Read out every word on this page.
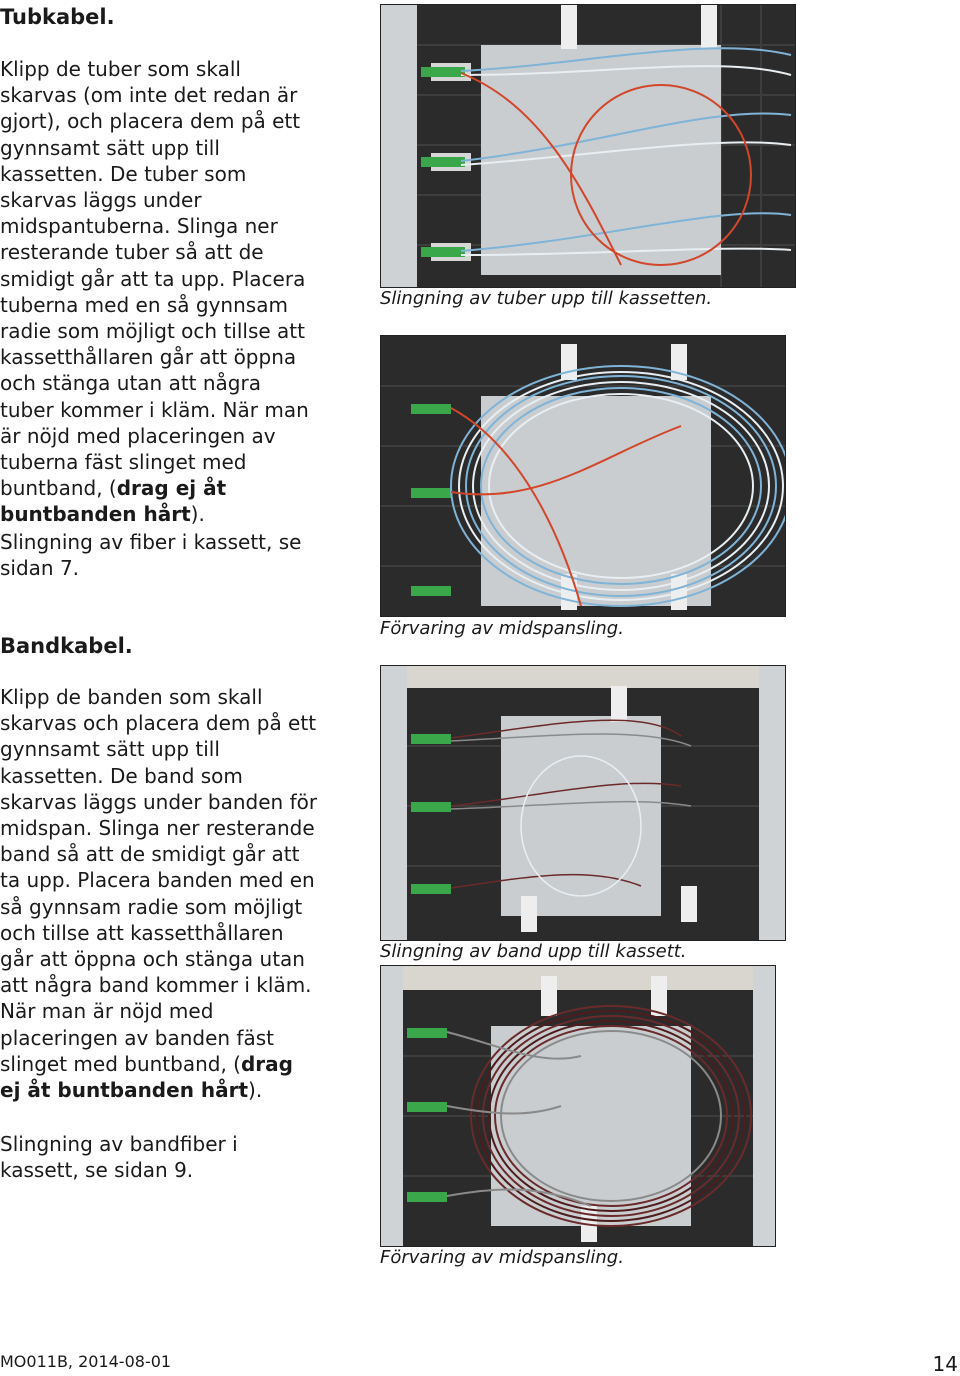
Tubkabel.

Klipp de tuber som skall skarvas (om inte det redan är gjort), och placera dem på ett gynnsamt sätt upp till kassetten. De tuber som skarvas läggs under midspantuberna. Slinga ner resterande tuber så att de smidigt går att ta upp. Placera tuberna med en så gynnsam radie som möjligt och tillse att kassetthållaren går att öppna och stänga utan att några tuber kommer i kläm. När man är nöjd med placeringen av tuberna fäst slinget med buntband, (drag ej åt buntbanden hårt).

Slingning av fiber i kassett, se sidan 7.

Bandkabel.

Klipp de banden som skall skarvas och placera dem på ett gynnsamt sätt upp till kassetten. De band som skarvas läggs under banden för midspan. Slinga ner resterande band så att de smidigt går att ta upp. Placera banden med en så gynnsam radie som möjligt och tillse att kassetthållaren går att öppna och stänga utan att några band kommer i kläm. När man är nöjd med placeringen av banden fäst slinget med buntband, (drag ej åt buntbanden hårt).

Slingning av bandfiber i kassett, se sidan 9.

Slingning av tuber upp till kassetten.

Förvaring av midspansling.

Slingning av band upp till kassett.

Förvaring av midspansling.

MO011B, 2014-08-01	14
